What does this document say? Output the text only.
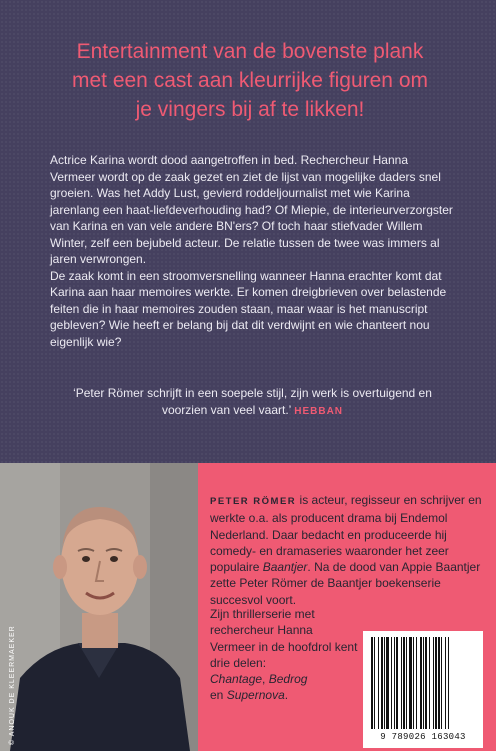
Entertainment van de bovenste plank
met een cast aan kleurrijke figuren om
je vingers bij af te likken!

Actrice Karina wordt dood aangetroffen in bed. Rechercheur Hanna Vermeer wordt op de zaak gezet en ziet de lijst van mogelijke daders snel groeien. Was het Addy Lust, gevierd roddeljournalist met wie Karina jarenlang een haat-liefdeverhouding had? Of Miepie, de interieurverzorgster van Karina en van vele andere BN'ers? Of toch haar stiefvader Willem Winter, zelf een bejubeld acteur. De relatie tussen de twee was immers al jaren verwrongen.

De zaak komt in een stroomversnelling wanneer Hanna erachter komt dat Karina aan haar memoires werkte. Er komen dreigbrieven over belastende feiten die in haar memoires zouden staan, maar waar is het manuscript gebleven? Wie heeft er belang bij dat dit verdwijnt en wie chanteert nou eigenlijk wie?

‘Peter Römer schrijft in een soepele stijl, zijn werk is overtuigend en voorzien van veel vaart.’ HEBBAN

© ANOUK DE KLEERMAEKER

PETER RÖMER is acteur, regisseur en schrijver en werkte o.a. als producent drama bij Endemol Nederland. Daar bedacht en produceerde hij comedy- en dramaseries waaronder het zeer populaire Baantjer. Na de dood van Appie Baantjer zette Peter Römer de Baantjer boekenserie succesvol voort.

Zijn thrillerserie met rechercheur Hanna Vermeer in de hoofdrol kent drie delen:
Chantage, Bedrog
en Supernova.

9 789026 163043
